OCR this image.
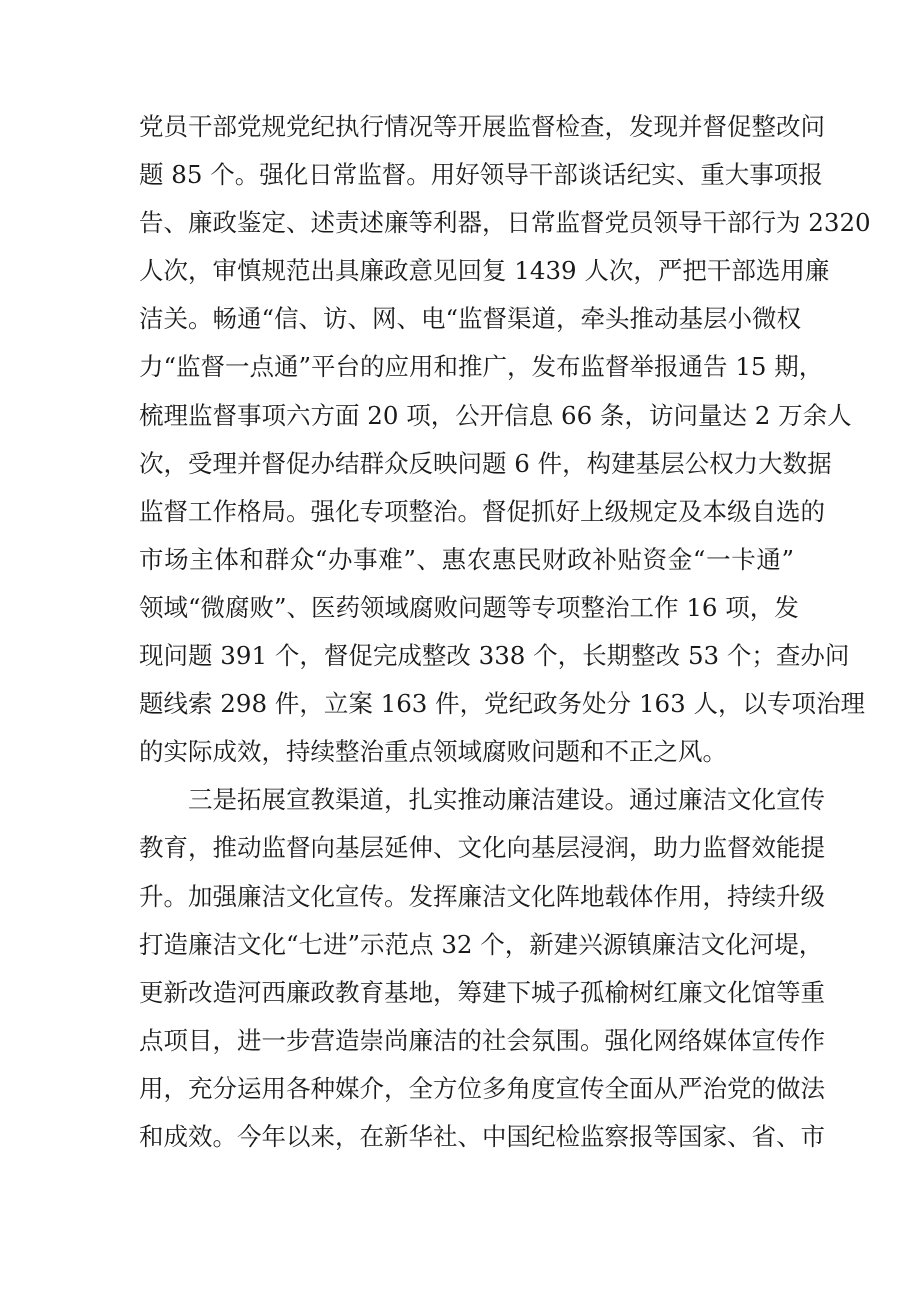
党员干部党规党纪执行情况等开展监督检查，发现并督促整改问
题 85 个。强化日常监督。用好领导干部谈话纪实、重大事项报
告、廉政鉴定、述责述廉等利器，日常监督党员领导干部行为 2320
人次，审慎规范出具廉政意见回复 1439 人次，严把干部选用廉
洁关。畅通“信、访、网、电“监督渠道，牵头推动基层小微权
力“监督一点通”平台的应用和推广，发布监督举报通告 15 期，
梳理监督事项六方面 20 项，公开信息 66 条，访问量达 2 万余人
次，受理并督促办结群众反映问题 6 件，构建基层公权力大数据
监督工作格局。强化专项整治。督促抓好上级规定及本级自选的
市场主体和群众“办事难”、惠农惠民财政补贴资金“一卡通”
领域“微腐败”、医药领域腐败问题等专项整治工作 16 项，发
现问题 391 个，督促完成整改 338 个，长期整改 53 个；查办问
题线索 298 件，立案 163 件，党纪政务处分 163 人，以专项治理
的实际成效，持续整治重点领域腐败问题和不正之风。
三是拓展宣教渠道，扎实推动廉洁建设。通过廉洁文化宣传
教育，推动监督向基层延伸、文化向基层浸润，助力监督效能提
升。加强廉洁文化宣传。发挥廉洁文化阵地载体作用，持续升级
打造廉洁文化“七进”示范点 32 个，新建兴源镇廉洁文化河堤，
更新改造河西廉政教育基地，筹建下城子孤榆树红廉文化馆等重
点项目，进一步营造崇尚廉洁的社会氛围。强化网络媒体宣传作
用，充分运用各种媒介，全方位多角度宣传全面从严治党的做法
和成效。今年以来，在新华社、中国纪检监察报等国家、省、市
